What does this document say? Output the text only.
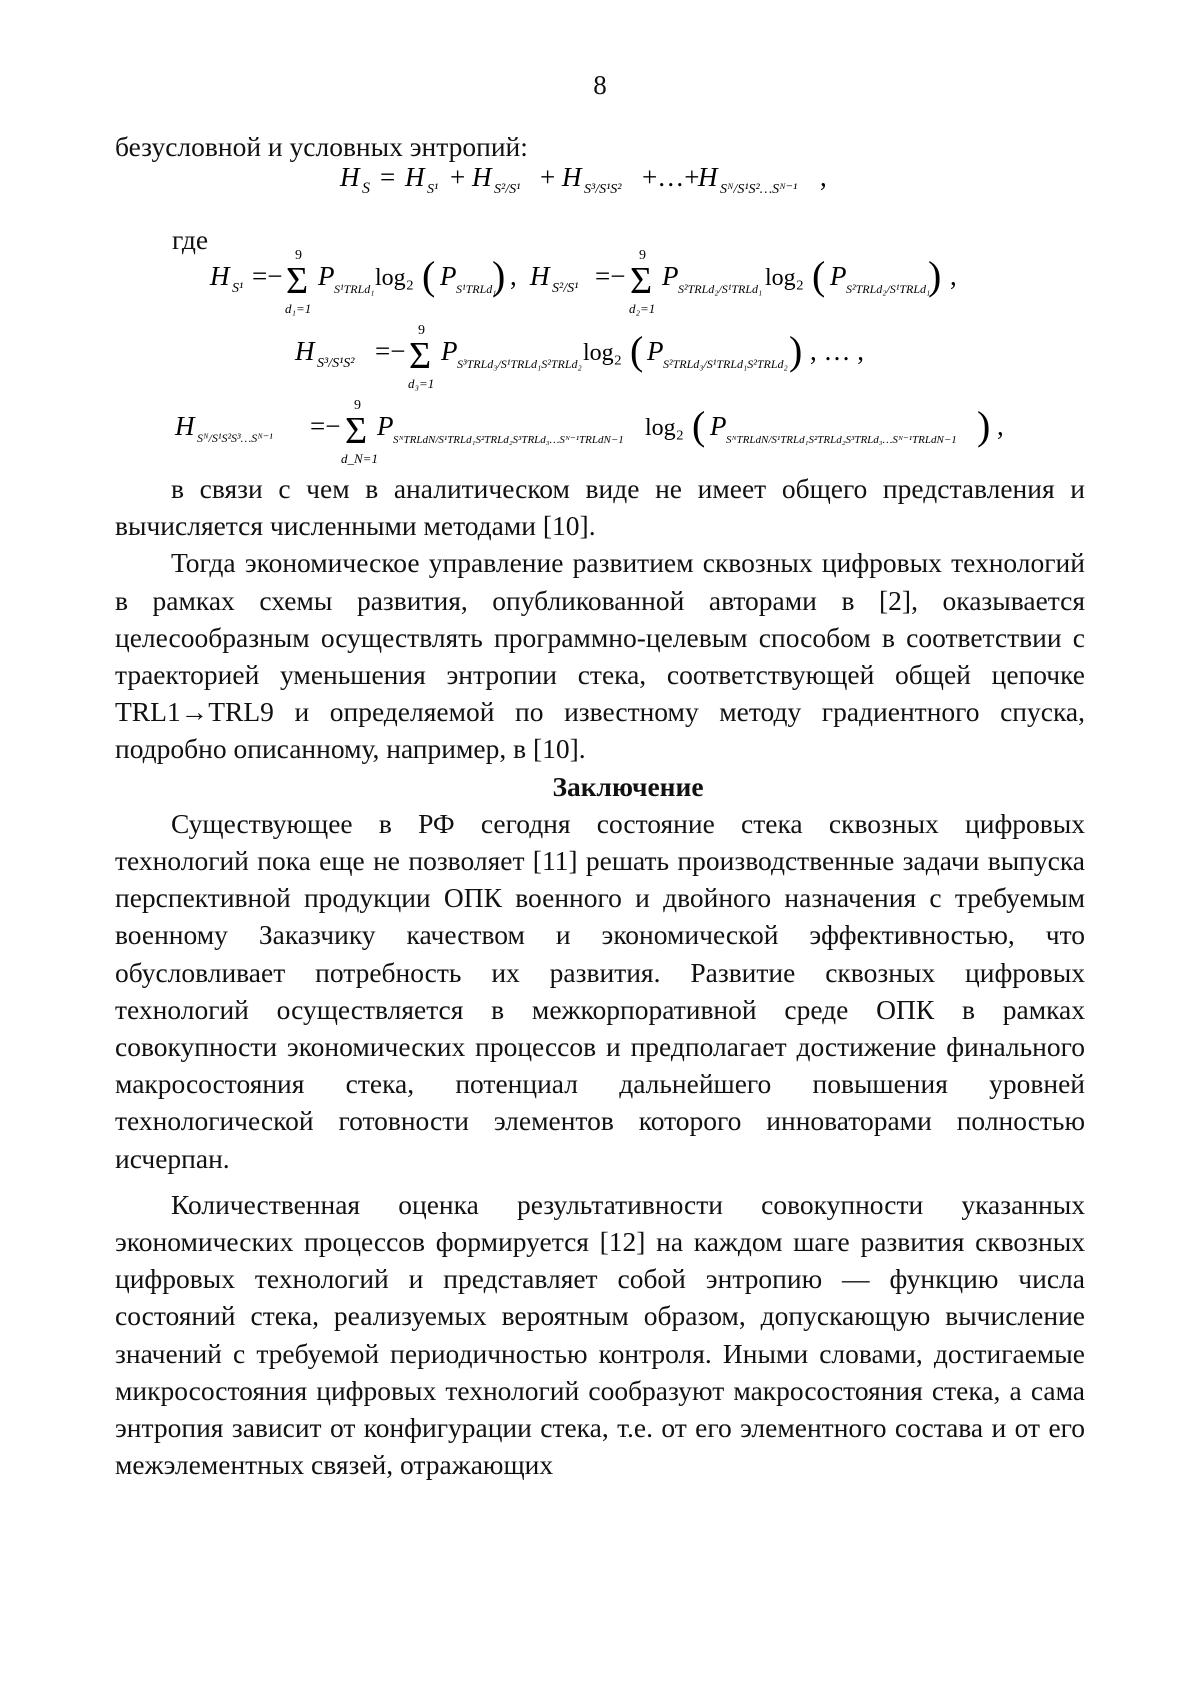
8

безусловной и условных энтропий:

H S = H S¹ + H S²/S¹ + H S³/S¹S² +…+
H Sᴺ/S¹S²…Sᴺ⁻¹ ,
где
H S¹ =− Σ
9
d₁=1
P S¹TRLd₁ log₂ ( P S¹TRLd₁
) , H S²/S¹ =− Σ
9
d₂=1
P S²TRLd₂/S¹TRLd₁ log₂ ( P S²TRLd₂/S¹TRLd₁
) ,
H S³/S¹S² =− Σ
9
d₃=1
P S³TRLd₃/S¹TRLd₁S²TRLd₂ log₂ ( P S²TRLd₃/S¹TRLd₁S²TRLd₂ ) , … ,
H Sᴺ/S¹S²S³…Sᴺ⁻¹ =− Σ
9
d_N=1
P SᴺTRLdN/S¹TRLd₁S²TRLd₂S³TRLd₃…Sᴺ⁻¹TRLdN−1 log₂ ( P SᴺTRLdN/S¹TRLd₁S²TRLd₂S³TRLd₃…Sᴺ⁻¹TRLdN−1 ) ,

в связи с чем в аналитическом виде не имеет общего представления и вычисляется численными методами [10].

Тогда экономическое управление развитием сквозных цифровых технологий в рамках схемы развития, опубликованной авторами в [2], оказывается целесообразным осуществлять программно-целевым способом в соответствии с траекторией уменьшения энтропии стека, соответствующей общей цепочке TRL1→TRL9 и определяемой по известному методу градиентного спуска, подробно описанному, например, в [10].

Заключение

Существующее в РФ сегодня состояние стека сквозных цифровых технологий пока еще не позволяет [11] решать производственные задачи выпуска перспективной продукции ОПК военного и двойного назначения с требуемым военному Заказчику качеством и экономической эффективностью, что обусловливает потребность их развития. Развитие сквозных цифровых технологий осуществляется в межкорпоративной среде ОПК в рамках совокупности экономических процессов и предполагает достижение финального макросостояния стека, потенциал дальнейшего повышения уровней технологической готовности элементов которого инноваторами полностью исчерпан.

Количественная оценка результативности совокупности указанных экономических процессов формируется [12] на каждом шаге развития сквозных цифровых технологий и представляет собой энтропию — функцию числа состояний стека, реализуемых вероятным образом, допускающую вычисление значений с требуемой периодичностью контроля. Иными словами, достигаемые микросостояния цифровых технологий сообразуют макросостояния стека, а сама энтропия зависит от конфигурации стека, т.е. от его элементного состава и от его межэлементных связей, отражающих
